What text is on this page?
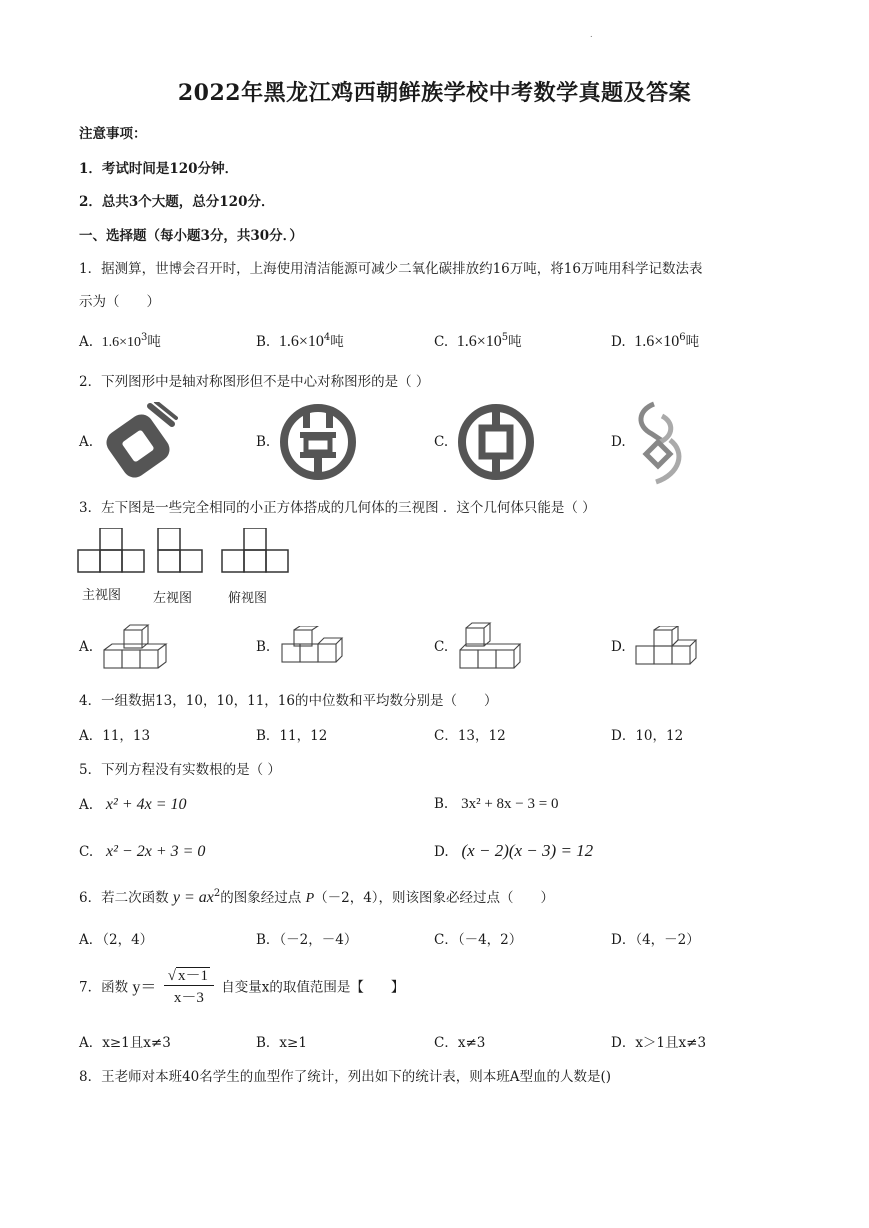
.
2022年黑龙江鸡西朝鲜族学校中考数学真题及答案
注意事项：
1．考试时间是120分钟．
2．总共3个大题，总分120分．
一、选择题（每小题3分，共30分．）
1．据测算，世博会召开时，上海使用清洁能源可减少二氧化碳排放约16万吨，将16万吨用科学记数法表
示为（　　）
A. $1.6\times 10^3$吨	B. $1.6\times 10^4$吨	C. $1.6\times 10^5$吨	D. $1.6\times 10^6$吨
2．下列图形中是轴对称图形但不是中心对称图形的是（ ）
A.	B.	C.	D.
3．左下图是一些完全相同的小正方体搭成的几何体的三视图 ．这个几何体只能是（ ）
主视图 左视图	俯视图
A.	B.	C.	D.
4．一组数据13，10，10，11，16的中位数和平均数分别是（　　）
A．11，13	B．11，12	C．13，12	D．10，12
5．下列方程没有实数根的是（ ）
A. x² + 4x = 10	B. 3x² + 8x − 3 = 0
C. x² − 2x + 3 = 0	D. (x − 2)(x − 3) = 12
6．若二次函数 $y = ax^2$的图象经过点 P（－2，4），则该图象必经过点（　　）
A．（2，4）	B．（－2，－4）	C．（－4，2）	D．（4，－2）
7．函数 $y= \frac{√ x-1}{x-3}$ 自变量x的取值范围是【　　】
A．x≥1且x≠3	B．x≥1	C．x≠3	D．x＞1且x≠3
8．王老师对本班40名学生的血型作了统计，列出如下的统计表，则本班A型血的人数是()
